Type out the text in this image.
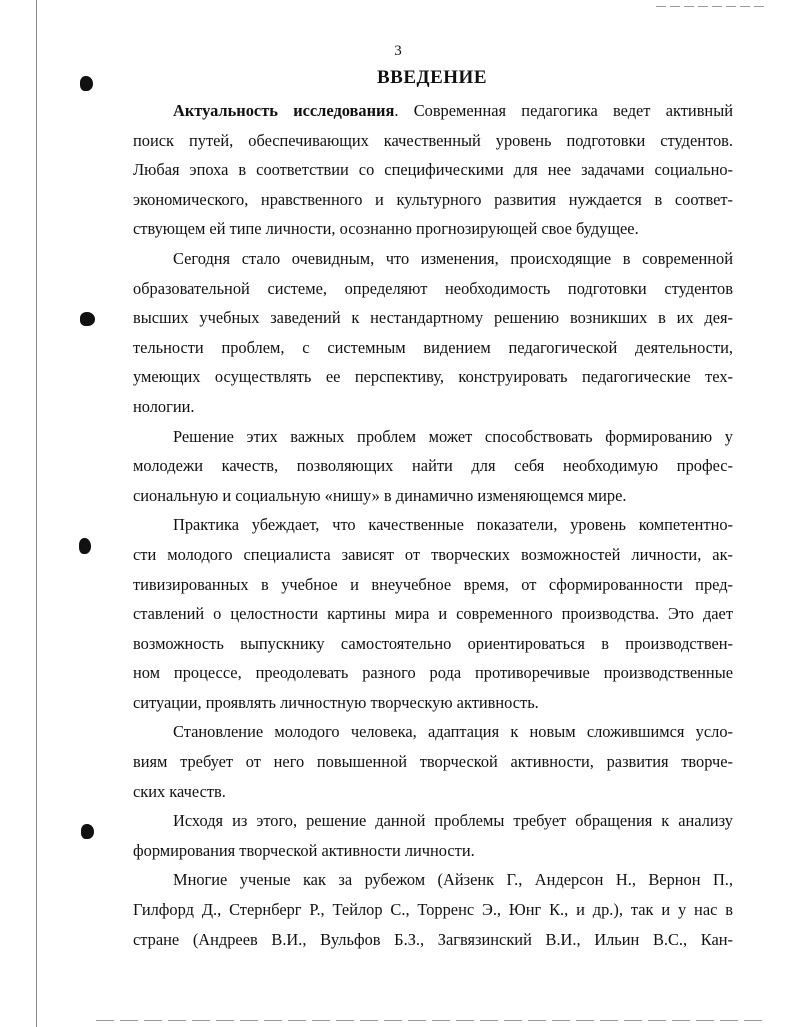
3
ВВЕДЕНИЕ
Актуальность исследования. Современная педагогика ведет активный
поиск путей, обеспечивающих качественный уровень подготовки студентов.
Любая эпоха в соответствии со специфическими для нее задачами социально-
экономического, нравственного и культурного развития нуждается в соответ-
ствующем ей типе личности, осознанно прогнозирующей свое будущее.
Сегодня стало очевидным, что изменения, происходящие в современной
образовательной системе, определяют необходимость подготовки студентов
высших учебных заведений к нестандартному решению возникших в их дея-
тельности проблем, с системным видением педагогической деятельности,
умеющих осуществлять ее перспективу, конструировать педагогические тех-
нологии.
Решение этих важных проблем может способствовать формированию у
молодежи качеств, позволяющих найти для себя необходимую профес-
сиональную и социальную «нишу» в динамично изменяющемся мире.
Практика убеждает, что качественные показатели, уровень компетентно-
сти молодого специалиста зависят от творческих возможностей личности, ак-
тивизированных в учебное и внеучебное время, от сформированности пред-
ставлений о целостности картины мира и современного производства. Это дает
возможность выпускнику самостоятельно ориентироваться в производствен-
ном процессе, преодолевать разного рода противоречивые производственные
ситуации, проявлять личностную творческую активность.
Становление молодого человека, адаптация к новым сложившимся усло-
виям требует от него повышенной творческой активности, развития творче-
ских качеств.
Исходя из этого, решение данной проблемы требует обращения к анализу
формирования творческой активности личности.
Многие ученые как за рубежом (Айзенк Г., Андерсон Н., Вернон П.,
Гилфорд Д., Стернберг Р., Тейлор С., Торренс Э., Юнг К., и др.), так и у нас в
стране (Андреев В.И., Вульфов Б.З., Загвязинский В.И., Ильин В.С., Кан-
